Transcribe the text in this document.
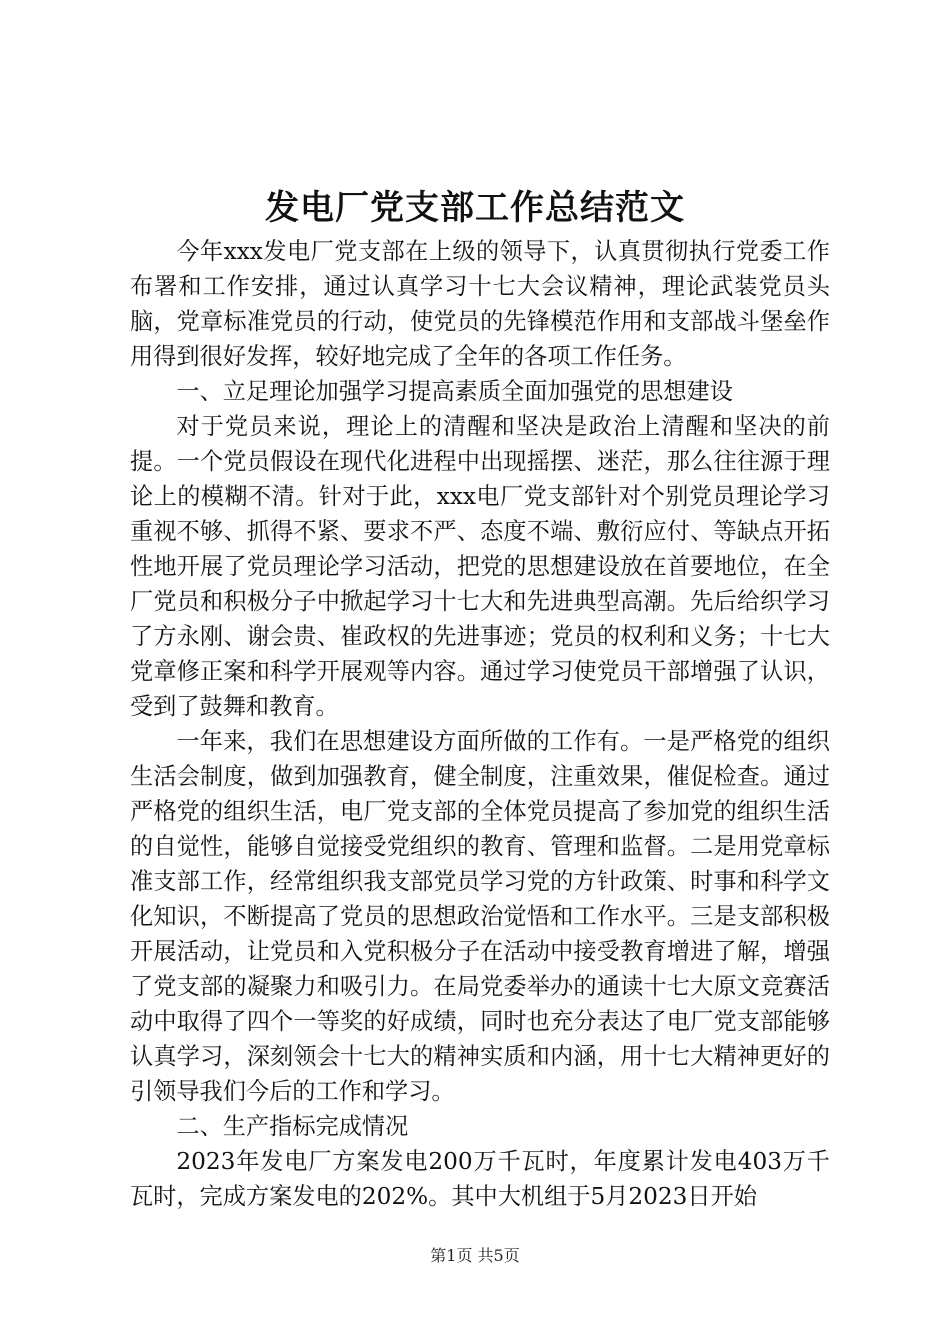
发电厂党支部工作总结范文

今年xxx发电厂党支部在上级的领导下，认真贯彻执行党委工作布署和工作安排，通过认真学习十七大会议精神，理论武装党员头脑，党章标准党员的行动，使党员的先锋模范作用和支部战斗堡垒作用得到很好发挥，较好地完成了全年的各项工作任务。

一、立足理论加强学习提高素质全面加强党的思想建设

对于党员来说，理论上的清醒和坚决是政治上清醒和坚决的前提。一个党员假设在现代化进程中出现摇摆、迷茫，那么往往源于理论上的模糊不清。针对于此，xxx电厂党支部针对个别党员理论学习重视不够、抓得不紧、要求不严、态度不端、敷衍应付、等缺点开拓性地开展了党员理论学习活动，把党的思想建设放在首要地位，在全厂党员和积极分子中掀起学习十七大和先进典型高潮。先后给织学习了方永刚、谢会贵、崔政权的先进事迹；党员的权利和义务；十七大党章修正案和科学开展观等内容。通过学习使党员干部增强了认识，受到了鼓舞和教育。

一年来，我们在思想建设方面所做的工作有。一是严格党的组织生活会制度，做到加强教育，健全制度，注重效果，催促检查。通过严格党的组织生活，电厂党支部的全体党员提高了参加党的组织生活的自觉性，能够自觉接受党组织的教育、管理和监督。二是用党章标准支部工作，经常组织我支部党员学习党的方针政策、时事和科学文化知识，不断提高了党员的思想政治觉悟和工作水平。三是支部积极开展活动，让党员和入党积极分子在活动中接受教育增进了解，增强了党支部的凝聚力和吸引力。在局党委举办的通读十七大原文竞赛活动中取得了四个一等奖的好成绩，同时也充分表达了电厂党支部能够认真学习，深刻领会十七大的精神实质和内涵，用十七大精神更好的引领导我们今后的工作和学习。

二、生产指标完成情况

2023年发电厂方案发电200万千瓦时，年度累计发电403万千瓦时，完成方案发电的202%。其中大机组于5月2023日开始

第1页 共5页
